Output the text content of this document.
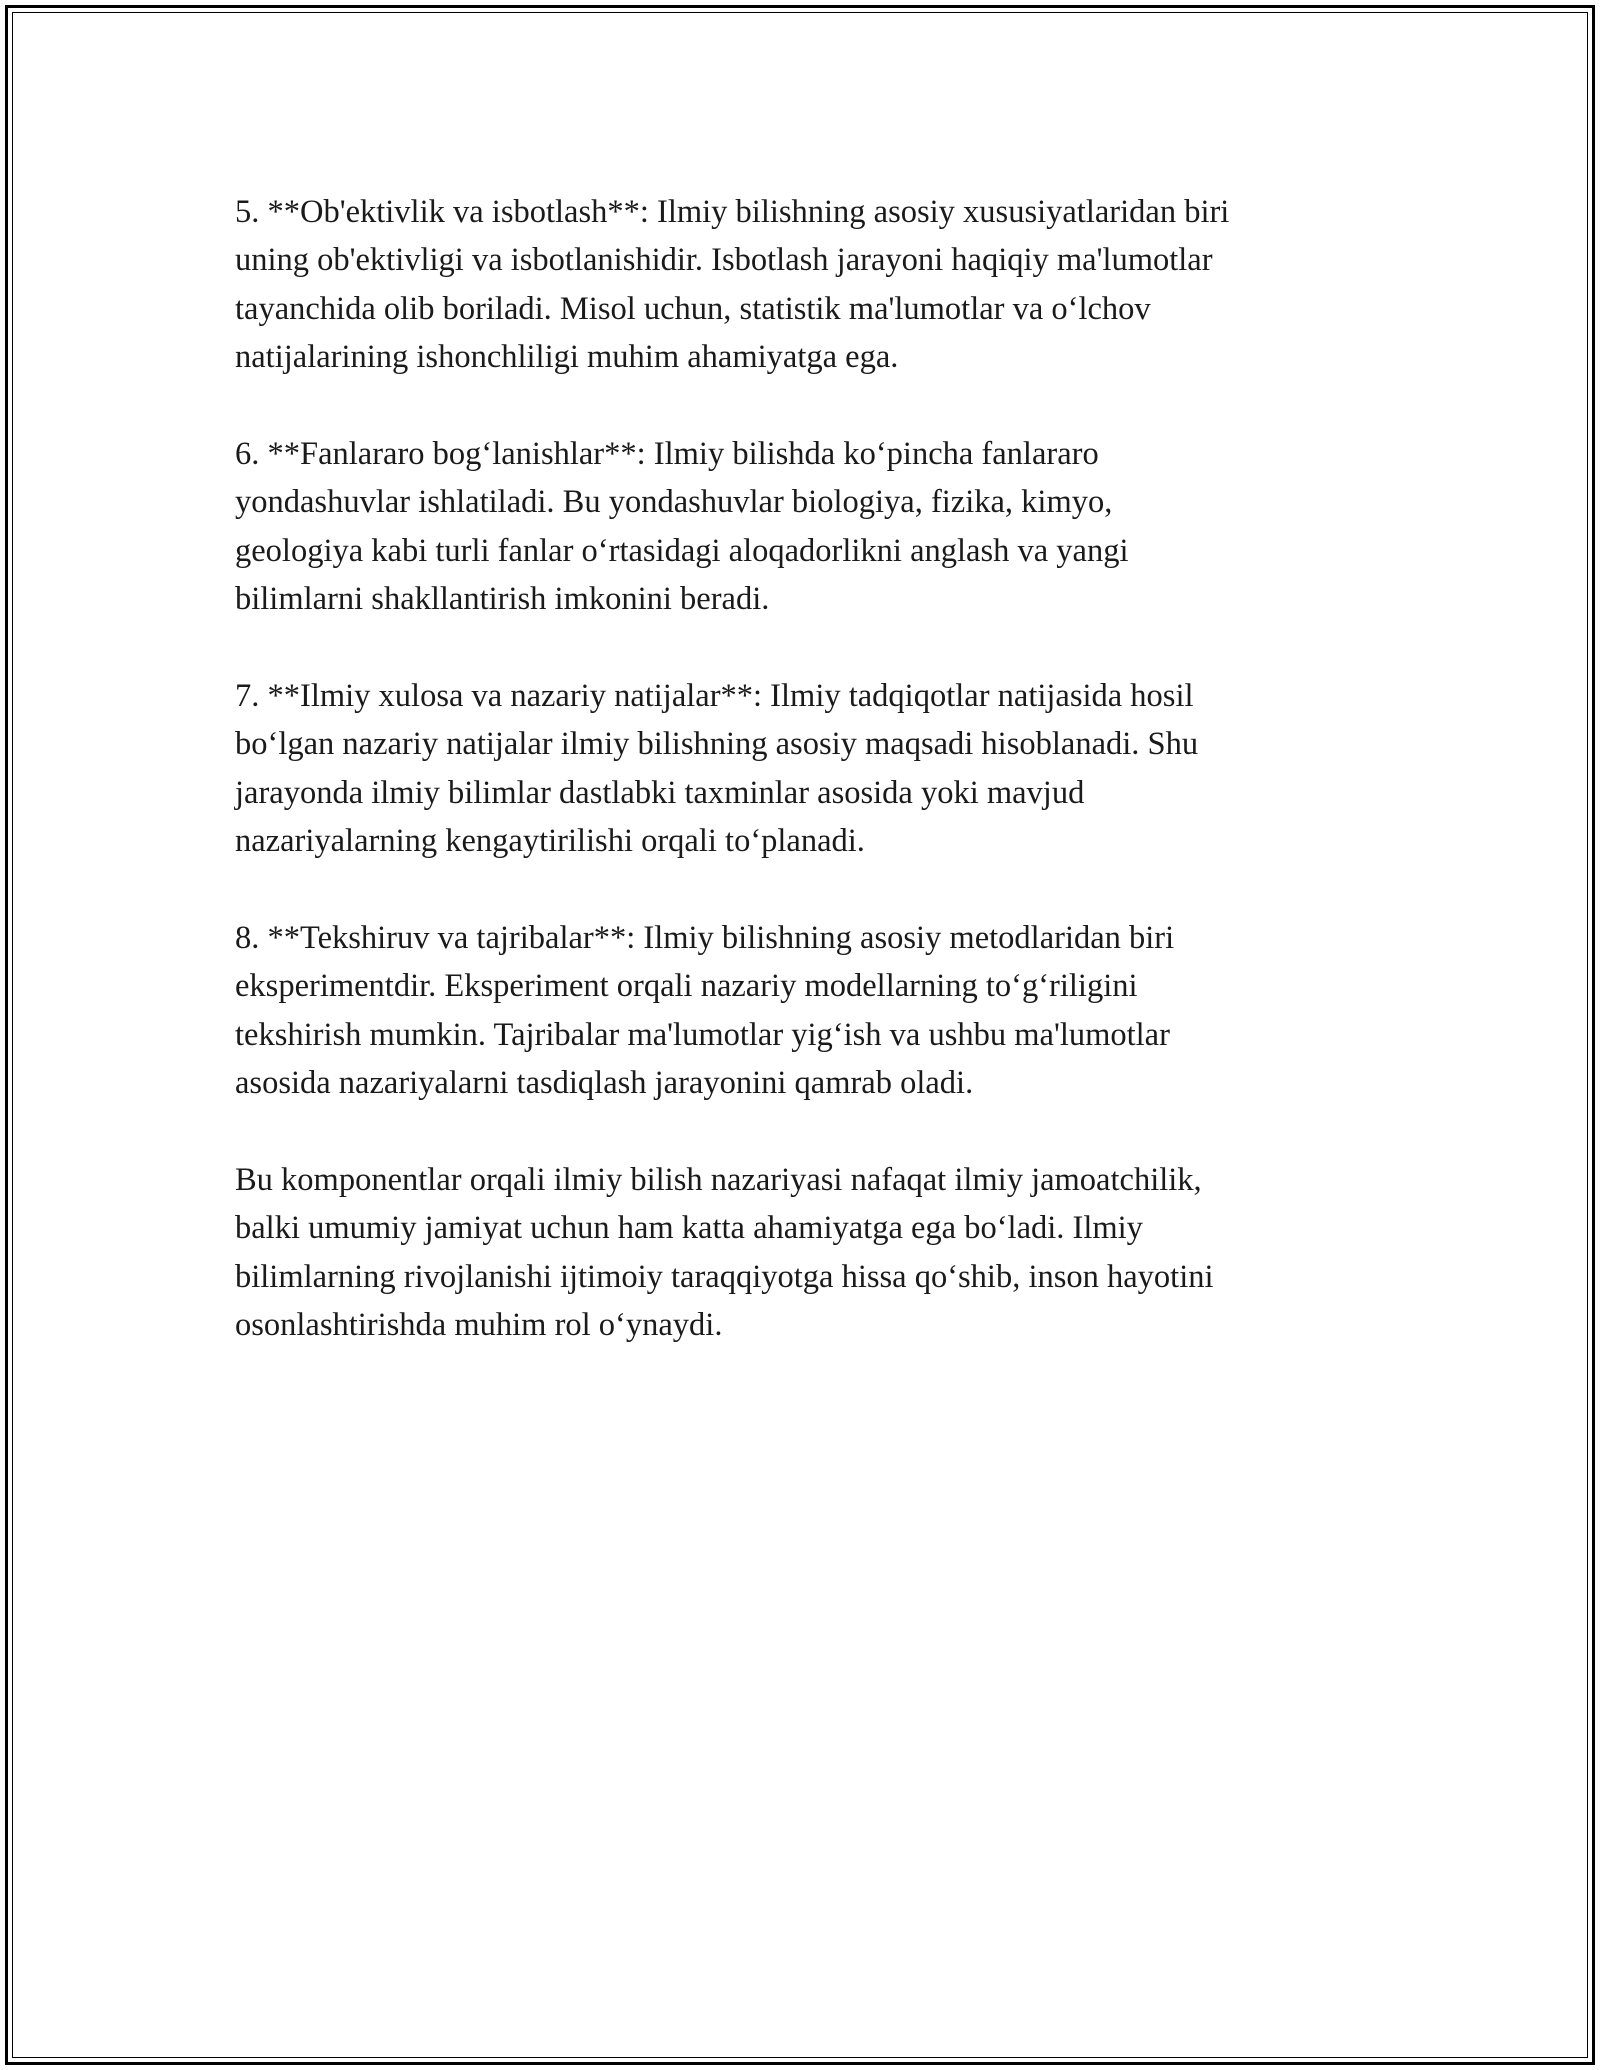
5. **Ob'ektivlik va isbotlash**: Ilmiy bilishning asosiy xususiyatlaridan biri
uning ob'ektivligi va isbotlanishidir. Isbotlash jarayoni haqiqiy ma'lumotlar
tayanchida olib boriladi. Misol uchun, statistik ma'lumotlar va o‘lchov
natijalarining ishonchliligi muhim ahamiyatga ega.

6. **Fanlararo bog‘lanishlar**: Ilmiy bilishda ko‘pincha fanlararo
yondashuvlar ishlatiladi. Bu yondashuvlar biologiya, fizika, kimyo,
geologiya kabi turli fanlar o‘rtasidagi aloqadorlikni anglash va yangi
bilimlarni shakllantirish imkonini beradi.

7. **Ilmiy xulosa va nazariy natijalar**: Ilmiy tadqiqotlar natijasida hosil
bo‘lgan nazariy natijalar ilmiy bilishning asosiy maqsadi hisoblanadi. Shu
jarayonda ilmiy bilimlar dastlabki taxminlar asosida yoki mavjud
nazariyalarning kengaytirilishi orqali to‘planadi.

8. **Tekshiruv va tajribalar**: Ilmiy bilishning asosiy metodlaridan biri
eksperimentdir. Eksperiment orqali nazariy modellarning to‘g‘riligini
tekshirish mumkin. Tajribalar ma'lumotlar yig‘ish va ushbu ma'lumotlar
asosida nazariyalarni tasdiqlash jarayonini qamrab oladi.

Bu komponentlar orqali ilmiy bilish nazariyasi nafaqat ilmiy jamoatchilik,
balki umumiy jamiyat uchun ham katta ahamiyatga ega bo‘ladi. Ilmiy
bilimlarning rivojlanishi ijtimoiy taraqqiyotga hissa qo‘shib, inson hayotini
osonlashtirishda muhim rol o‘ynaydi.
